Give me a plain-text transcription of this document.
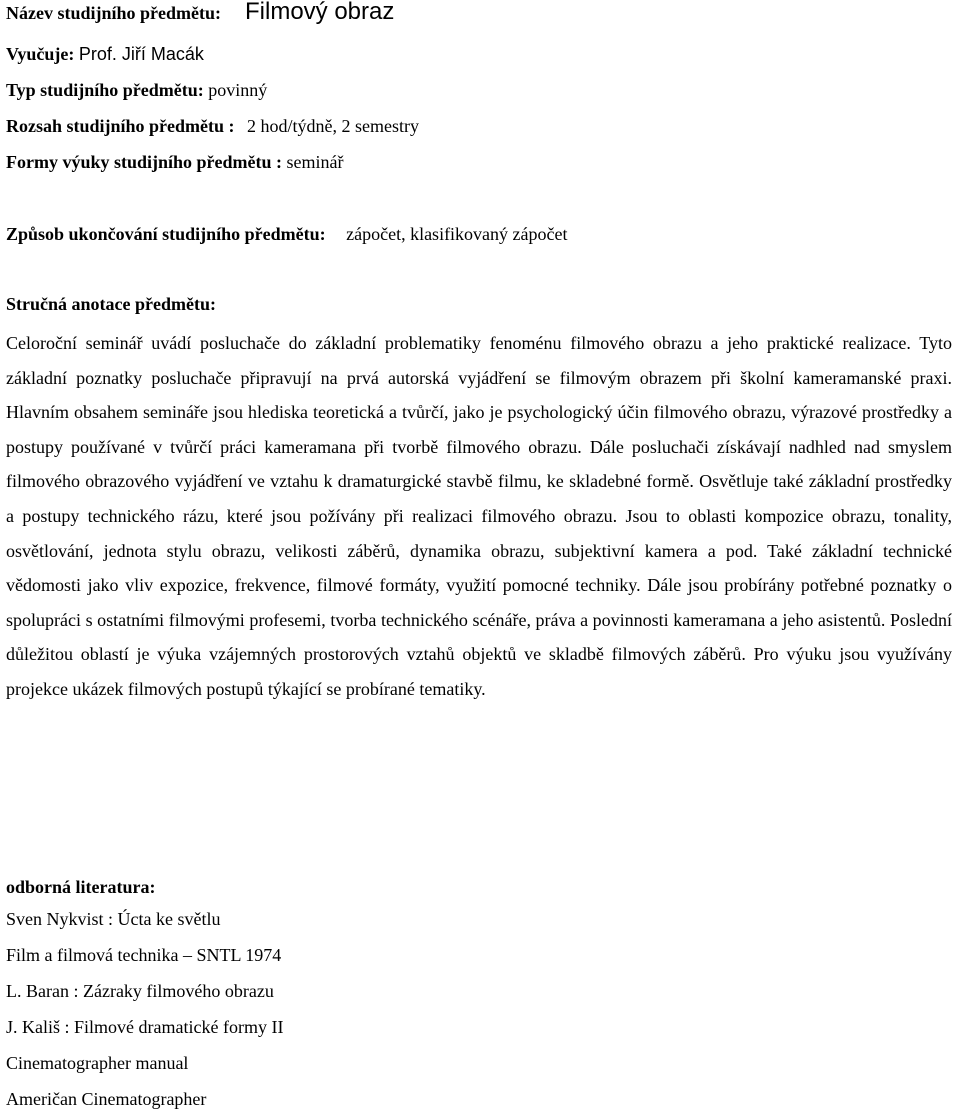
Název studijního předmětu: Filmový obraz
Vyučuje: Prof. Jiří Macák
Typ studijního předmětu: povinný
Rozsah studijního předmětu : 2 hod/týdně, 2 semestry
Formy výuky studijního předmětu : seminář
Způsob ukončování studijního předmětu: zápočet, klasifikovaný zápočet
Stručná anotace předmětu:
Celoroční seminář uvádí posluchače do základní problematiky fenoménu filmového obrazu a jeho praktické realizace. Tyto základní poznatky posluchače připravují na prvá autorská vyjádření se filmovým obrazem při školní kameramanské praxi. Hlavním obsahem semináře jsou hlediska teoretická a tvůrčí, jako je psychologický účin filmového obrazu, výrazové prostředky a postupy používané v tvůrčí práci kameramana při tvorbě filmového obrazu. Dále posluchači získávají nadhled nad smyslem filmového obrazového vyjádření ve vztahu k dramaturgické stavbě filmu, ke skladebné formě. Osvětluje také základní prostředky a postupy technického rázu, které jsou požívány při realizaci filmového obrazu. Jsou to oblasti kompozice obrazu, tonality, osvětlování, jednota stylu obrazu, velikosti záběrů, dynamika obrazu, subjektivní kamera a pod. Také základní technické vědomosti jako vliv expozice, frekvence, filmové formáty, využití pomocné techniky. Dále jsou probírány potřebné poznatky o spolupráci s ostatními filmovými profesemi, tvorba technického scénáře, práva a povinnosti kameramana a jeho asistentů. Poslední důležitou oblastí je výuka vzájemných prostorových vztahů objektů ve skladbě filmových záběrů. Pro výuku jsou využívány projekce ukázek filmových postupů týkající se probírané tematiky.
odborná literatura:
Sven Nykvist : Úcta ke světlu
Film a filmová technika – SNTL 1974
L. Baran : Zázraky filmového obrazu
J. Kališ : Filmové dramatické formy II
Cinematographer manual
Američan Cinematographer
